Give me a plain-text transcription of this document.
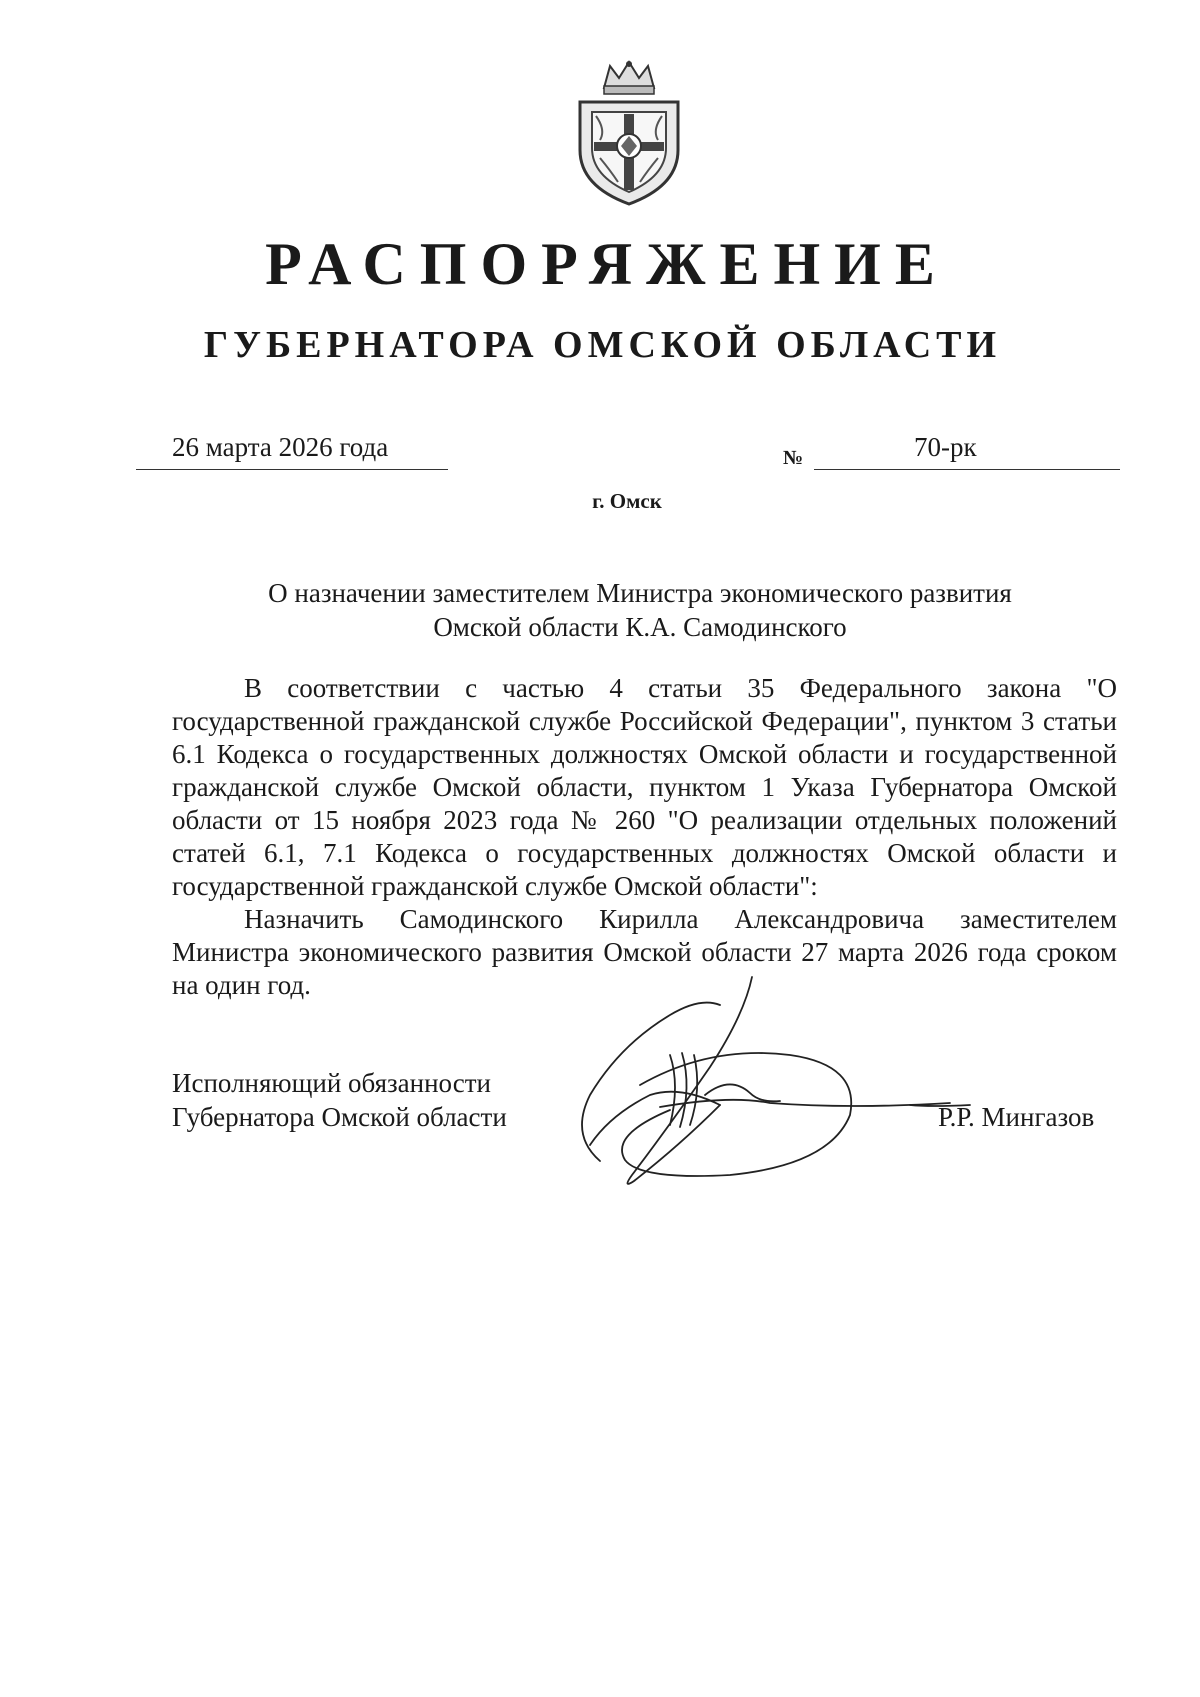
РАСПОРЯЖЕНИЕ
ГУБЕРНАТОРА ОМСКОЙ ОБЛАСТИ
26 марта 2026 года	№	70-рк
г. Омск
О назначении заместителем Министра экономического развития
Омской области К.А. Самодинского

В соответствии с частью 4 статьи 35 Федерального закона "О государственной гражданской службе Российской Федерации", пунктом 3 статьи 6.1 Кодекса о государственных должностях Омской области и государственной гражданской службе Омской области, пунктом 1 Указа Губернатора Омской области от 15 ноября 2023 года № 260 "О реализации отдельных положений статей 6.1, 7.1 Кодекса о государственных должностях Омской области и государственной гражданской службе Омской области":

Назначить Самодинского Кирилла Александровича заместителем Министра экономического развития Омской области 27 марта 2026 года сроком на один год.

Исполняющий обязанности
Губернатора Омской области	Р.Р. Мингазов
